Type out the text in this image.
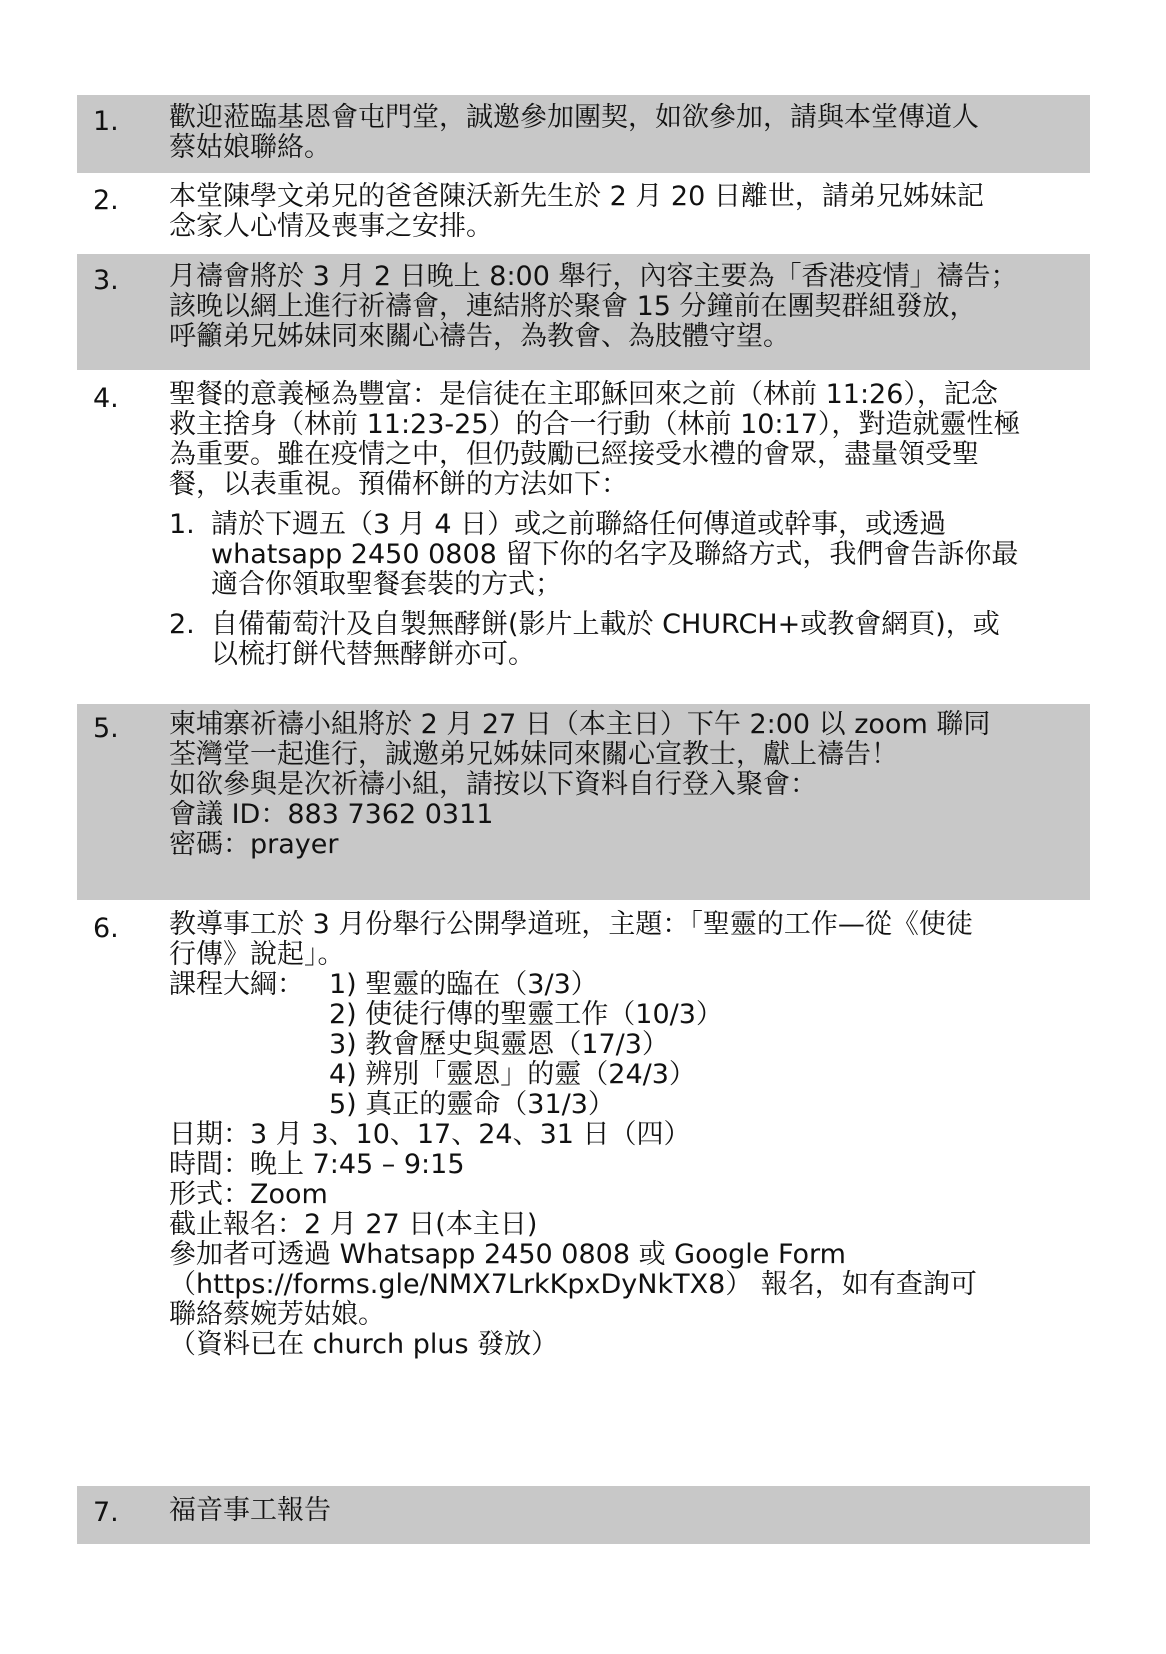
1. 歡迎蒞臨基恩會屯門堂，誠邀參加團契，如欲參加，請與本堂傳道人

蔡姑娘聯絡。

2. 本堂陳學文弟兄的爸爸陳沃新先生於 2 月 20 日離世，請弟兄姊妹記

念家人心情及喪事之安排。

3. 月禱會將於 3 月 2 日晚上 8:00 舉行，內容主要為「香港疫情」禱告；

該晚以網上進行祈禱會，連結將於聚會 15 分鐘前在團契群組發放，

呼籲弟兄姊妹同來關心禱告，為教會、為肢體守望。

4. 聖餐的意義極為豐富：是信徒在主耶穌回來之前（林前 11:26），記念

救主捨身（林前 11:23-25）的合一行動（林前 10:17），對造就靈性極

為重要。雖在疫情之中，但仍鼓勵已經接受水禮的會眾，盡量領受聖

餐，以表重視。預備杯餅的方法如下：

1. 請於下週五（3 月 4 日）或之前聯絡任何傳道或幹事，或透過

whatsapp 2450 0808 留下你的名字及聯絡方式，我們會告訴你最

適合你領取聖餐套裝的方式；

2. 自備葡萄汁及自製無酵餅(影片上載於 CHURCH+或教會網頁)，或

以梳打餅代替無酵餅亦可。

5. 柬埔寨祈禱小組將於 2 月 27 日（本主日）下午 2:00 以 zoom 聯同

荃灣堂一起進行，誠邀弟兄姊妹同來關心宣教士，獻上禱告！

如欲參與是次祈禱小組，請按以下資料自行登入聚會：

會議 ID：883 7362 0311

密碼：prayer

6. 教導事工於 3 月份舉行公開學道班，主題：「聖靈的工作—從《使徒

行傳》說起」。

課程大綱： 1) 聖靈的臨在（3/3）
2) 使徒行傳的聖靈工作（10/3）
3) 教會歷史與靈恩（17/3）
4) 辨別「靈恩」的靈（24/3）
5) 真正的靈命（31/3）

日期：3 月 3、10、17、24、31 日（四）

時間：晚上 7:45 – 9:15

形式：Zoom

截止報名：2 月 27 日(本主日)

參加者可透過 Whatsapp 2450 0808 或 Google Form

（https://forms.gle/NMX7LrkKpxDyNkTX8） 報名，如有查詢可

聯絡蔡婉芳姑娘。

（資料已在 church plus 發放）

7. 福音事工報告
